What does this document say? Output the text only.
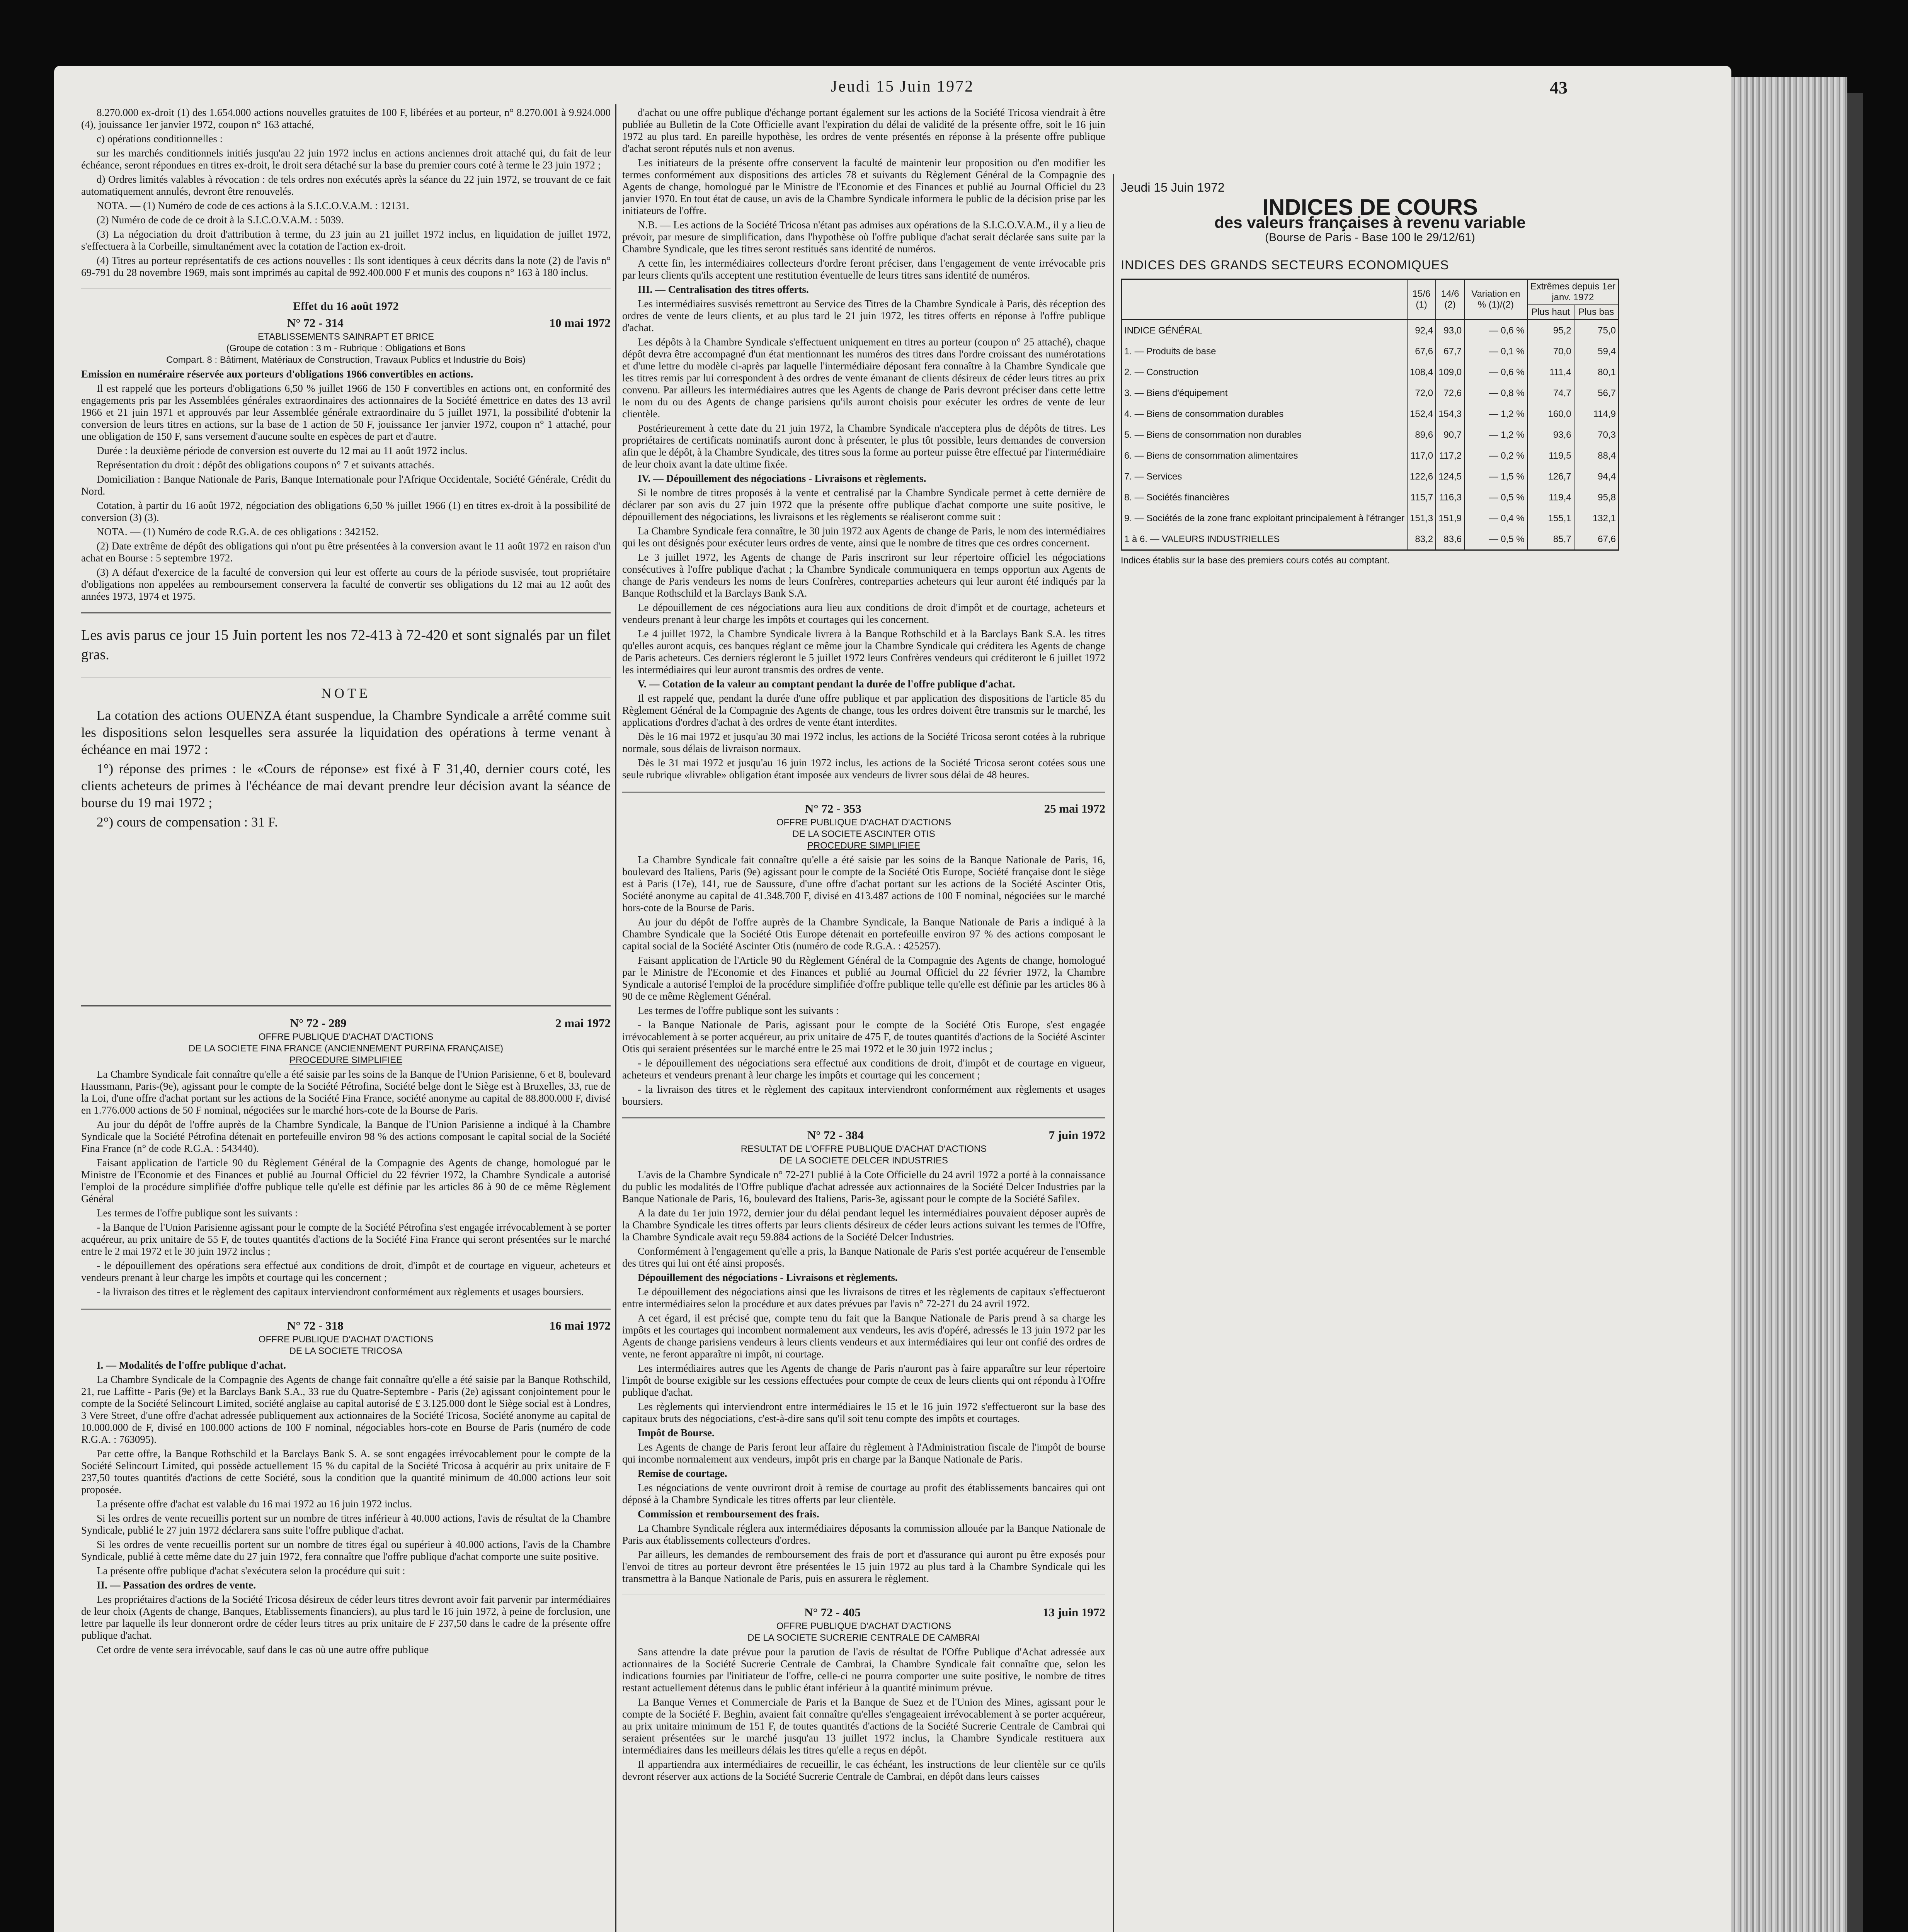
Jeudi 15 Juin 1972	43

8.270.000 ex-droit (1) des 1.654.000 actions nouvelles gratuites de 100 F, libérées et au porteur, n° 8.270.001 à 9.924.000 (4), jouissance 1er janvier 1972, coupon n° 163 attaché,

c) opérations conditionnelles :

sur les marchés conditionnels initiés jusqu'au 22 juin 1972 inclus en actions anciennes droit attaché qui, du fait de leur échéance, seront répondues en titres ex-droit, le droit sera détaché sur la base du premier cours coté à terme le 23 juin 1972 ;

d) Ordres limités valables à révocation : de tels ordres non exécutés après la séance du 22 juin 1972, se trouvant de ce fait automatiquement annulés, devront être renouvelés.

NOTA. — (1) Numéro de code de ces actions à la S.I.C.O.V.A.M. : 12131.

(2) Numéro de code de ce droit à la S.I.C.O.V.A.M. : 5039.

(3) La négociation du droit d'attribution à terme, du 23 juin au 21 juillet 1972 inclus, en liquidation de juillet 1972, s'effectuera à la Corbeille, simultanément avec la cotation de l'action ex-droit.

(4) Titres au porteur représentatifs de ces actions nouvelles : Ils sont identiques à ceux décrits dans la note (2) de l'avis n° 69-791 du 28 novembre 1969, mais sont imprimés au capital de 992.400.000 F et munis des coupons n° 163 à 180 inclus.

Effet du 16 août 1972
N° 72 - 314	10 mai 1972
ETABLISSEMENTS SAINRAPT ET BRICE
(Groupe de cotation : 3 m - Rubrique : Obligations et Bons
Compart. 8 : Bâtiment, Matériaux de Construction, Travaux Publics et Industrie du Bois)

Emission en numéraire réservée aux porteurs d'obligations 1966 convertibles en actions.

Il est rappelé que les porteurs d'obligations 6,50 % juillet 1966 de 150 F convertibles en actions ont, en conformité des engagements pris par les Assemblées générales extraordinaires des actionnaires de la Société émettrice en dates des 13 avril 1966 et 21 juin 1971 et approuvés par leur Assemblée générale extraordinaire du 5 juillet 1971, la possibilité d'obtenir la conversion de leurs titres en actions, sur la base de 1 action de 50 F, jouissance 1er janvier 1972, coupon n° 1 attaché, pour une obligation de 150 F, sans versement d'aucune soulte en espèces de part et d'autre.

Durée : la deuxième période de conversion est ouverte du 12 mai au 11 août 1972 inclus.

Représentation du droit : dépôt des obligations coupons n° 7 et suivants attachés.

Domiciliation : Banque Nationale de Paris, Banque Internationale pour l'Afrique Occidentale, Société Générale, Crédit du Nord.

Cotation, à partir du 16 août 1972, négociation des obligations 6,50 % juillet 1966 (1) en titres ex-droit à la possibilité de conversion (3) (3).

NOTA. — (1) Numéro de code R.G.A. de ces obligations : 342152.

(2) Date extrême de dépôt des obligations qui n'ont pu être présentées à la conversion avant le 11 août 1972 en raison d'un achat en Bourse : 5 septembre 1972.

(3) A défaut d'exercice de la faculté de conversion qui leur est offerte au cours de la période susvisée, tout propriétaire d'obligations non appelées au remboursement conservera la faculté de convertir ses obligations du 12 mai au 12 août des années 1973, 1974 et 1975.

Les avis parus ce jour 15 Juin portent les nos 72-413 à 72-420 et sont signalés par un filet gras.
NOTE

La cotation des actions OUENZA étant suspendue, la Chambre Syndicale a arrêté comme suit les dispositions selon lesquelles sera assurée la liquidation des opérations à terme venant à échéance en mai 1972 :

1°) réponse des primes : le «Cours de réponse» est fixé à F 31,40, dernier cours coté, les clients acheteurs de primes à l'échéance de mai devant prendre leur décision avant la séance de bourse du 19 mai 1972 ;

2°) cours de compensation : 31 F.

N° 72 - 289	2 mai 1972
OFFRE PUBLIQUE D'ACHAT D'ACTIONS
DE LA SOCIETE FINA FRANCE (ANCIENNEMENT PURFINA FRANÇAISE)
PROCEDURE SIMPLIFIEE

La Chambre Syndicale fait connaître qu'elle a été saisie par les soins de la Banque de l'Union Parisienne, 6 et 8, boulevard Haussmann, Paris-(9e), agissant pour le compte de la Société Pétrofina, Société belge dont le Siège est à Bruxelles, 33, rue de la Loi, d'une offre d'achat portant sur les actions de la Société Fina France, société anonyme au capital de 88.800.000 F, divisé en 1.776.000 actions de 50 F nominal, négociées sur le marché hors-cote de la Bourse de Paris.

Au jour du dépôt de l'offre auprès de la Chambre Syndicale, la Banque de l'Union Parisienne a indiqué à la Chambre Syndicale que la Société Pétrofina détenait en portefeuille environ 98 % des actions composant le capital social de la Société Fina France (n° de code R.G.A. : 543440).

Faisant application de l'article 90 du Règlement Général de la Compagnie des Agents de change, homologué par le Ministre de l'Economie et des Finances et publié au Journal Officiel du 22 février 1972, la Chambre Syndicale a autorisé l'emploi de la procédure simplifiée d'offre publique telle qu'elle est définie par les articles 86 à 90 de ce même Règlement Général

Les termes de l'offre publique sont les suivants :

- la Banque de l'Union Parisienne agissant pour le compte de la Société Pétrofina s'est engagée irrévocablement à se porter acquéreur, au prix unitaire de 55 F, de toutes quantités d'actions de la Société Fina France qui seront présentées sur le marché entre le 2 mai 1972 et le 30 juin 1972 inclus ;

- le dépouillement des opérations sera effectué aux conditions de droit, d'impôt et de courtage en vigueur, acheteurs et vendeurs prenant à leur charge les impôts et courtage qui les concernent ;

- la livraison des titres et le règlement des capitaux interviendront conformément aux règlements et usages boursiers.

N° 72 - 318	16 mai 1972
OFFRE PUBLIQUE D'ACHAT D'ACTIONS
DE LA SOCIETE TRICOSA

I. — Modalités de l'offre publique d'achat.

La Chambre Syndicale de la Compagnie des Agents de change fait connaître qu'elle a été saisie par la Banque Rothschild, 21, rue Laffitte - Paris (9e) et la Barclays Bank S.A., 33 rue du Quatre-Septembre - Paris (2e) agissant conjointement pour le compte de la Société Selincourt Limited, société anglaise au capital autorisé de £ 3.125.000 dont le Siège social est à Londres, 3 Vere Street, d'une offre d'achat adressée publiquement aux actionnaires de la Société Tricosa, Société anonyme au capital de 10.000.000 de F, divisé en 100.000 actions de 100 F nominal, négociables hors-cote en Bourse de Paris (numéro de code R.G.A. : 763095).

Par cette offre, la Banque Rothschild et la Barclays Bank S. A. se sont engagées irrévocablement pour le compte de la Société Selincourt Limited, qui possède actuellement 15 % du capital de la Société Tricosa à acquérir au prix unitaire de F 237,50 toutes quantités d'actions de cette Société, sous la condition que la quantité minimum de 40.000 actions leur soit proposée.

La présente offre d'achat est valable du 16 mai 1972 au 16 juin 1972 inclus.

Si les ordres de vente recueillis portent sur un nombre de titres inférieur à 40.000 actions, l'avis de résultat de la Chambre Syndicale, publié le 27 juin 1972 déclarera sans suite l'offre publique d'achat.

Si les ordres de vente recueillis portent sur un nombre de titres égal ou supérieur à 40.000 actions, l'avis de la Chambre Syndicale, publié à cette même date du 27 juin 1972, fera connaître que l'offre publique d'achat comporte une suite positive.

La présente offre publique d'achat s'exécutera selon la procédure qui suit :

II. — Passation des ordres de vente.

Les propriétaires d'actions de la Société Tricosa désireux de céder leurs titres devront avoir fait parvenir par intermédiaires de leur choix (Agents de change, Banques, Etablissements financiers), au plus tard le 16 juin 1972, à peine de forclusion, une lettre par laquelle ils leur donneront ordre de céder leurs titres au prix unitaire de F 237,50 dans le cadre de la présente offre publique d'achat.

Cet ordre de vente sera irrévocable, sauf dans le cas où une autre offre publique

d'achat ou une offre publique d'échange portant également sur les actions de la Société Tricosa viendrait à être publiée au Bulletin de la Cote Officielle avant l'expiration du délai de validité de la présente offre, soit le 16 juin 1972 au plus tard. En pareille hypothèse, les ordres de vente présentés en réponse à la présente offre publique d'achat seront réputés nuls et non avenus.

Les initiateurs de la présente offre conservent la faculté de maintenir leur proposition ou d'en modifier les termes conformément aux dispositions des articles 78 et suivants du Règlement Général de la Compagnie des Agents de change, homologué par le Ministre de l'Economie et des Finances et publié au Journal Officiel du 23 janvier 1970. En tout état de cause, un avis de la Chambre Syndicale informera le public de la décision prise par les initiateurs de l'offre.

N.B. — Les actions de la Société Tricosa n'étant pas admises aux opérations de la S.I.C.O.V.A.M., il y a lieu de prévoir, par mesure de simplification, dans l'hypothèse où l'offre publique d'achat serait déclarée sans suite par la Chambre Syndicale, que les titres seront restitués sans identité de numéros.

A cette fin, les intermédiaires collecteurs d'ordre feront préciser, dans l'engagement de vente irrévocable pris par leurs clients qu'ils acceptent une restitution éventuelle de leurs titres sans identité de numéros.

III. — Centralisation des titres offerts.

Les intermédiaires susvisés remettront au Service des Titres de la Chambre Syndicale à Paris, dès réception des ordres de vente de leurs clients, et au plus tard le 21 juin 1972, les titres offerts en réponse à l'offre publique d'achat.

Les dépôts à la Chambre Syndicale s'effectuent uniquement en titres au porteur (coupon n° 25 attaché), chaque dépôt devra être accompagné d'un état mentionnant les numéros des titres dans l'ordre croissant des numérotations et d'une lettre du modèle ci-après par laquelle l'intermédiaire déposant fera connaître à la Chambre Syndicale que les titres remis par lui correspondent à des ordres de vente émanant de clients désireux de céder leurs titres au prix convenu. Par ailleurs les intermédiaires autres que les Agents de change de Paris devront préciser dans cette lettre le nom du ou des Agents de change parisiens qu'ils auront choisis pour exécuter les ordres de vente de leur clientèle.

Postérieurement à cette date du 21 juin 1972, la Chambre Syndicale n'acceptera plus de dépôts de titres. Les propriétaires de certificats nominatifs auront donc à présenter, le plus tôt possible, leurs demandes de conversion afin que le dépôt, à la Chambre Syndicale, des titres sous la forme au porteur puisse être effectué par l'intermédiaire de leur choix avant la date ultime fixée.

IV. — Dépouillement des négociations - Livraisons et règlements.

Si le nombre de titres proposés à la vente et centralisé par la Chambre Syndicale permet à cette dernière de déclarer par son avis du 27 juin 1972 que la présente offre publique d'achat comporte une suite positive, le dépouillement des négociations, les livraisons et les règlements se réaliseront comme suit :

La Chambre Syndicale fera connaître, le 30 juin 1972 aux Agents de change de Paris, le nom des intermédiaires qui les ont désignés pour exécuter leurs ordres de vente, ainsi que le nombre de titres que ces ordres concernent.

Le 3 juillet 1972, les Agents de change de Paris inscriront sur leur répertoire officiel les négociations consécutives à l'offre publique d'achat ; la Chambre Syndicale communiquera en temps opportun aux Agents de change de Paris vendeurs les noms de leurs Confrères, contreparties acheteurs qui leur auront été indiqués par la Banque Rothschild et la Barclays Bank S.A.

Le dépouillement de ces négociations aura lieu aux conditions de droit d'impôt et de courtage, acheteurs et vendeurs prenant à leur charge les impôts et courtages qui les concernent.

Le 4 juillet 1972, la Chambre Syndicale livrera à la Banque Rothschild et à la Barclays Bank S.A. les titres qu'elles auront acquis, ces banques réglant ce même jour la Chambre Syndicale qui créditera les Agents de change de Paris acheteurs. Ces derniers régleront le 5 juillet 1972 leurs Confrères vendeurs qui créditeront le 6 juillet 1972 les intermédiaires qui leur auront transmis des ordres de vente.

V. — Cotation de la valeur au comptant pendant la durée de l'offre publique d'achat.

Il est rappelé que, pendant la durée d'une offre publique et par application des dispositions de l'article 85 du Règlement Général de la Compagnie des Agents de change, tous les ordres doivent être transmis sur le marché, les applications d'ordres d'achat à des ordres de vente étant interdites.

Dès le 16 mai 1972 et jusqu'au 30 mai 1972 inclus, les actions de la Société Tricosa seront cotées à la rubrique normale, sous délais de livraison normaux.

Dès le 31 mai 1972 et jusqu'au 16 juin 1972 inclus, les actions de la Société Tricosa seront cotées sous une seule rubrique «livrable» obligation étant imposée aux vendeurs de livrer sous délai de 48 heures.

N° 72 - 353	25 mai 1972
OFFRE PUBLIQUE D'ACHAT D'ACTIONS
DE LA SOCIETE ASCINTER OTIS
PROCEDURE SIMPLIFIEE

La Chambre Syndicale fait connaître qu'elle a été saisie par les soins de la Banque Nationale de Paris, 16, boulevard des Italiens, Paris (9e) agissant pour le compte de la Société Otis Europe, Société française dont le siège est à Paris (17e), 141, rue de Saussure, d'une offre d'achat portant sur les actions de la Société Ascinter Otis, Société anonyme au capital de 41.348.700 F, divisé en 413.487 actions de 100 F nominal, négociées sur le marché hors-cote de la Bourse de Paris.

Au jour du dépôt de l'offre auprès de la Chambre Syndicale, la Banque Nationale de Paris a indiqué à la Chambre Syndicale que la Société Otis Europe détenait en portefeuille environ 97 % des actions composant le capital social de la Société Ascinter Otis (numéro de code R.G.A. : 425257).

Faisant application de l'Article 90 du Règlement Général de la Compagnie des Agents de change, homologué par le Ministre de l'Economie et des Finances et publié au Journal Officiel du 22 février 1972, la Chambre Syndicale a autorisé l'emploi de la procédure simplifiée d'offre publique telle qu'elle est définie par les articles 86 à 90 de ce même Règlement Général.

Les termes de l'offre publique sont les suivants :

- la Banque Nationale de Paris, agissant pour le compte de la Société Otis Europe, s'est engagée irrévocablement à se porter acquéreur, au prix unitaire de 475 F, de toutes quantités d'actions de la Société Ascinter Otis qui seraient présentées sur le marché entre le 25 mai 1972 et le 30 juin 1972 inclus ;

- le dépouillement des négociations sera effectué aux conditions de droit, d'impôt et de courtage en vigueur, acheteurs et vendeurs prenant à leur charge les impôts et courtage qui les concernent ;

- la livraison des titres et le règlement des capitaux interviendront conformément aux règlements et usages boursiers.

N° 72 - 384	7 juin 1972
RESULTAT DE L'OFFRE PUBLIQUE D'ACHAT D'ACTIONS
DE LA SOCIETE DELCER INDUSTRIES

L'avis de la Chambre Syndicale n° 72-271 publié à la Cote Officielle du 24 avril 1972 a porté à la connaissance du public les modalités de l'Offre publique d'achat adressée aux actionnaires de la Société Delcer Industries par la Banque Nationale de Paris, 16, boulevard des Italiens, Paris-3e, agissant pour le compte de la Société Safilex.

A la date du 1er juin 1972, dernier jour du délai pendant lequel les intermédiaires pouvaient déposer auprès de la Chambre Syndicale les titres offerts par leurs clients désireux de céder leurs actions suivant les termes de l'Offre, la Chambre Syndicale avait reçu 59.884 actions de la Société Delcer Industries.

Conformément à l'engagement qu'elle a pris, la Banque Nationale de Paris s'est portée acquéreur de l'ensemble des titres qui lui ont été ainsi proposés.

Dépouillement des négociations - Livraisons et règlements.

Le dépouillement des négociations ainsi que les livraisons de titres et les règlements de capitaux s'effectueront entre intermédiaires selon la procédure et aux dates prévues par l'avis n° 72-271 du 24 avril 1972.

A cet égard, il est précisé que, compte tenu du fait que la Banque Nationale de Paris prend à sa charge les impôts et les courtages qui incombent normalement aux vendeurs, les avis d'opéré, adressés le 13 juin 1972 par les Agents de change parisiens vendeurs à leurs clients vendeurs et aux intermédiaires qui leur ont confié des ordres de vente, ne feront apparaître ni impôt, ni courtage.

Les intermédiaires autres que les Agents de change de Paris n'auront pas à faire apparaître sur leur répertoire l'impôt de bourse exigible sur les cessions effectuées pour compte de ceux de leurs clients qui ont répondu à l'Offre publique d'achat.

Les règlements qui interviendront entre intermédiaires le 15 et le 16 juin 1972 s'effectueront sur la base des capitaux bruts des négociations, c'est-à-dire sans qu'il soit tenu compte des impôts et courtages.

Impôt de Bourse.

Les Agents de change de Paris feront leur affaire du règlement à l'Administration fiscale de l'impôt de bourse qui incombe normalement aux vendeurs, impôt pris en charge par la Banque Nationale de Paris.

Remise de courtage.

Les négociations de vente ouvriront droit à remise de courtage au profit des établissements bancaires qui ont déposé à la Chambre Syndicale les titres offerts par leur clientèle.

Commission et remboursement des frais.

La Chambre Syndicale réglera aux intermédiaires déposants la commission allouée par la Banque Nationale de Paris aux établissements collecteurs d'ordres.

Par ailleurs, les demandes de remboursement des frais de port et d'assurance qui auront pu être exposés pour l'envoi de titres au porteur devront être présentées le 15 juin 1972 au plus tard à la Chambre Syndicale qui les transmettra à la Banque Nationale de Paris, puis en assurera le règlement.

N° 72 - 405	13 juin 1972
OFFRE PUBLIQUE D'ACHAT D'ACTIONS
DE LA SOCIETE SUCRERIE CENTRALE DE CAMBRAI

Sans attendre la date prévue pour la parution de l'avis de résultat de l'Offre Publique d'Achat adressée aux actionnaires de la Société Sucrerie Centrale de Cambrai, la Chambre Syndicale fait connaître que, selon les indications fournies par l'initiateur de l'offre, celle-ci ne pourra comporter une suite positive, le nombre de titres restant actuellement détenus dans le public étant inférieur à la quantité minimum prévue.

La Banque Vernes et Commerciale de Paris et la Banque de Suez et de l'Union des Mines, agissant pour le compte de la Société F. Beghin, avaient fait connaître qu'elles s'engageaient irrévocablement à se porter acquéreur, au prix unitaire minimum de 151 F, de toutes quantités d'actions de la Société Sucrerie Centrale de Cambrai qui seraient présentées sur le marché jusqu'au 13 juillet 1972 inclus, la Chambre Syndicale restituera aux intermédiaires dans les meilleurs délais les titres qu'elle a reçus en dépôt.

Il appartiendra aux intermédiaires de recueillir, le cas échéant, les instructions de leur clientèle sur ce qu'ils devront réserver aux actions de la Société Sucrerie Centrale de Cambrai, en dépôt dans leurs caisses

Jeudi 15 Juin 1972
INDICES DE COURS
des valeurs françaises à revenu variable
(Bourse de Paris - Base 100 le 29/12/61)
INDICES DES GRANDS SECTEURS ECONOMIQUES
	15/6
(1)	14/6
(2)	Variation en % (1)/(2)	Extrêmes depuis 1er janv. 1972	
				Plus haut	Plus bas
INDICE GÉNÉRAL	92,4	93,0	— 0,6 %	95,2	75,0
1. — Produits de base	67,6	67,7	— 0,1 %	70,0	59,4
2. — Construction	108,4	109,0	— 0,6 %	111,4	80,1
3. — Biens d'équipement	72,0	72,6	— 0,8 %	74,7	56,7
4. — Biens de consommation durables	152,4	154,3	— 1,2 %	160,0	114,9
5. — Biens de consommation non durables	89,6	90,7	— 1,2 %	93,6	70,3
6. — Biens de consommation alimentaires	117,0	117,2	— 0,2 %	119,5	88,4
7. — Services	122,6	124,5	— 1,5 %	126,7	94,4
8. — Sociétés financières	115,7	116,3	— 0,5 %	119,4	95,8
9. — Sociétés de la zone franc exploitant principalement à l'étranger	151,3	151,9	— 0,4 %	155,1	132,1
1 à 6. — VALEURS INDUSTRIELLES	83,2	83,6	— 0,5 %	85,7	67,6
Indices établis sur la base des premiers cours cotés au comptant.
